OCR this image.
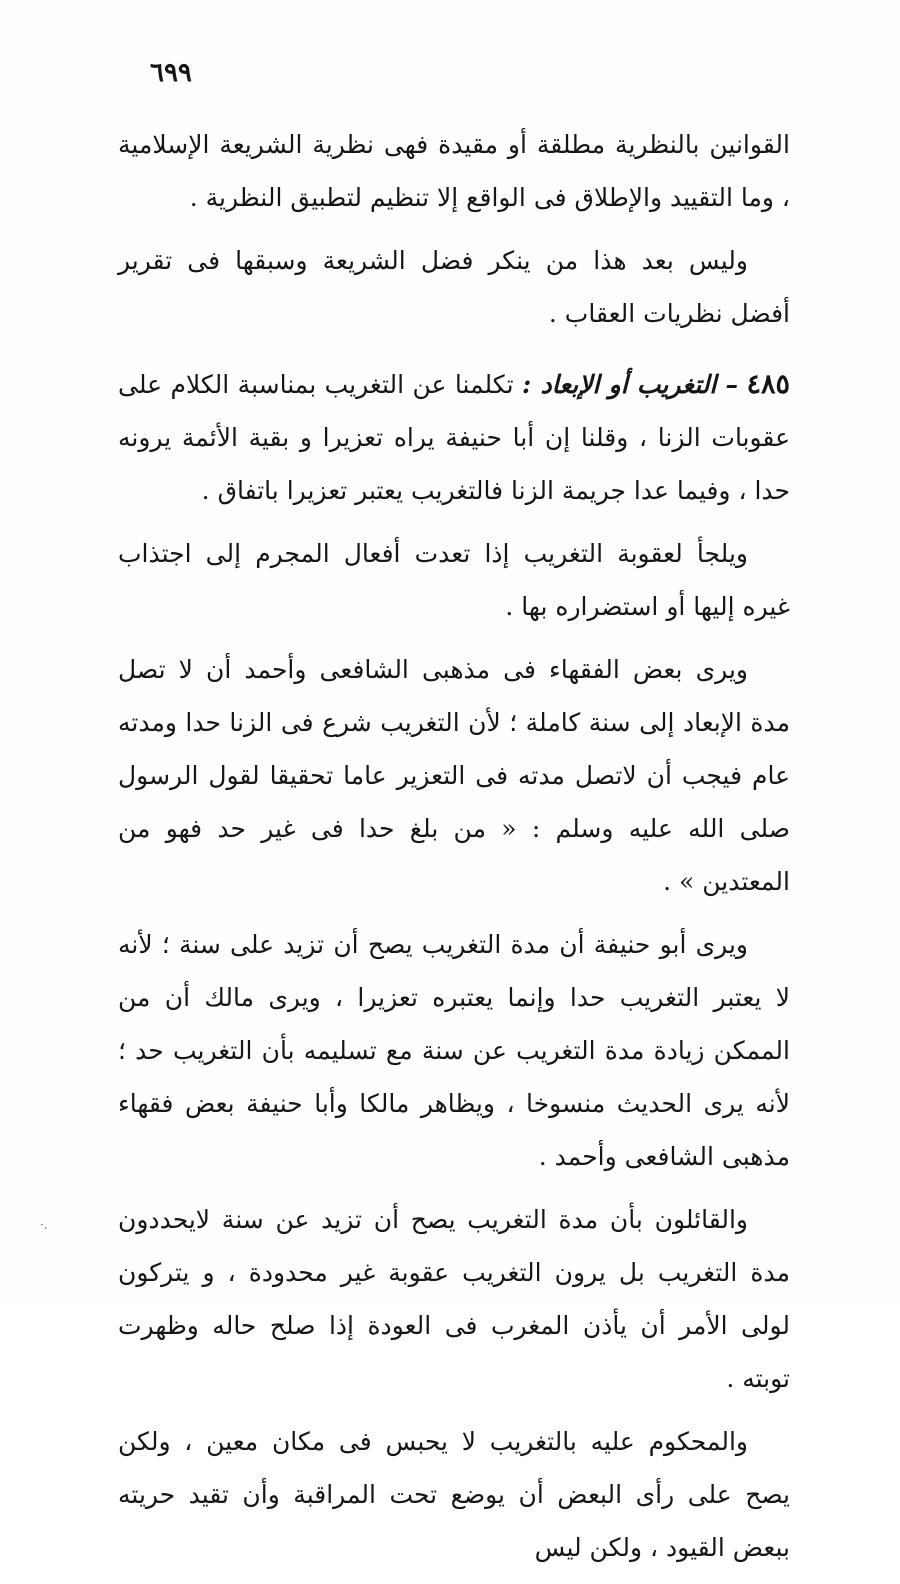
٦٩٩

القوانين بالنظرية مطلقة أو مقيدة فهى نظرية الشريعة الإسلامية ، وما التقييد والإطلاق فى الواقع إلا تنظيم لتطبيق النظرية .

وليس بعد هذا من ينكر فضل الشريعة وسبقها فى تقرير أفضل نظريات العقاب .

٤٨٥ – التغريب أو الإبعاد : تكلمنا عن التغريب بمناسبة الكلام على عقوبات الزنا ، وقلنا إن أبا حنيفة يراه تعزيرا و بقية الأئمة يرونه حدا ، وفيما عدا جريمة الزنا فالتغريب يعتبر تعزيرا باتفاق .

ويلجأ لعقوبة التغريب إذا تعدت أفعال المجرم إلى اجتذاب غيره إليها أو استضراره بها .

ويرى بعض الفقهاء فى مذهبى الشافعى وأحمد أن لا تصل مدة الإبعاد إلى سنة كاملة ؛ لأن التغريب شرع فى الزنا حدا ومدته عام فيجب أن لاتصل مدته فى التعزير عاما تحقيقا لقول الرسول صلى الله عليه وسلم : « من بلغ حدا فى غير حد فهو من المعتدين » .

ويرى أبو حنيفة أن مدة التغريب يصح أن تزيد على سنة ؛ لأنه لا يعتبر التغريب حدا وإنما يعتبره تعزيرا ، ويرى مالك أن من الممكن زيادة مدة التغريب عن سنة مع تسليمه بأن التغريب حد ؛ لأنه يرى الحديث منسوخا ، ويظاهر مالكا وأبا حنيفة بعض فقهاء مذهبى الشافعى وأحمد .

والقائلون بأن مدة التغريب يصح أن تزيد عن سنة لايحددون مدة التغريب بل يرون التغريب عقوبة غير محدودة ، و يتركون لولى الأمر أن يأذن المغرب فى العودة إذا صلح حاله وظهرت توبته .

والمحكوم عليه بالتغريب لا يحبس فى مكان معين ، ولكن يصح على رأى البعض أن يوضع تحت المراقبة وأن تقيد حريته ببعض القيود ، ولكن ليس

·.
